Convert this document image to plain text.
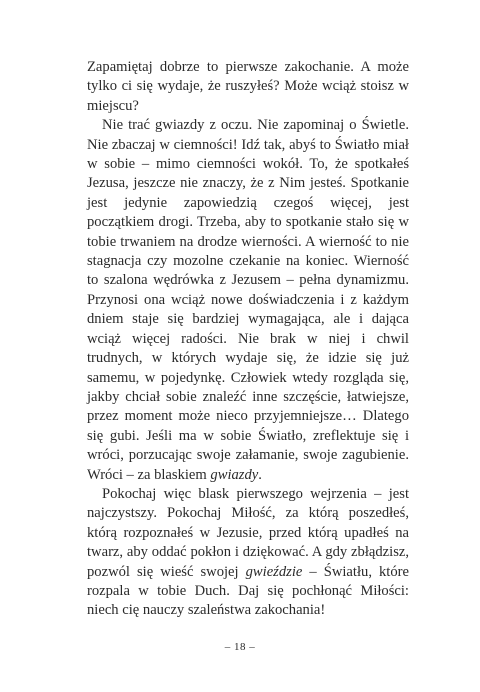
Zapamiętaj dobrze to pierwsze zakochanie. A może tylko ci się wydaje, że ruszyłeś? Może wciąż stoisz w miejscu?

Nie trać gwiazdy z oczu. Nie zapominaj o Świetle. Nie zbaczaj w ciemności! Idź tak, abyś to Światło miał w sobie – mimo ciemności wokół. To, że spotkałeś Jezusa, jeszcze nie znaczy, że z Nim jesteś. Spotkanie jest jedynie zapowiedzią czegoś więcej, jest początkiem drogi. Trzeba, aby to spotkanie stało się w tobie trwaniem na drodze wierności. A wierność to nie stagnacja czy mozolne czekanie na koniec. Wierność to szalona wędrówka z Jezusem – pełna dynamizmu. Przynosi ona wciąż nowe doświadczenia i z każdym dniem staje się bardziej wymagająca, ale i dająca wciąż więcej radości. Nie brak w niej i chwil trudnych, w których wydaje się, że idzie się już samemu, w pojedynkę. Człowiek wtedy rozgląda się, jakby chciał sobie znaleźć inne szczęście, łatwiejsze, przez moment może nieco przyjemniejsze… Dlatego się gubi. Jeśli ma w sobie Światło, zreflektuje się i wróci, porzucając swoje załamanie, swoje zagubienie. Wróci – za blaskiem gwiazdy.

Pokochaj więc blask pierwszego wejrzenia – jest najczystszy. Pokochaj Miłość, za którą poszedłeś, którą rozpoznałeś w Jezusie, przed którą upadłeś na twarz, aby oddać pokłon i dziękować. A gdy zbłądzisz, pozwól się wieść swojej gwieździe – Światłu, które rozpala w tobie Duch. Daj się pochłonąć Miłości: niech cię nauczy szaleństwa zakochania!

– 18 –
